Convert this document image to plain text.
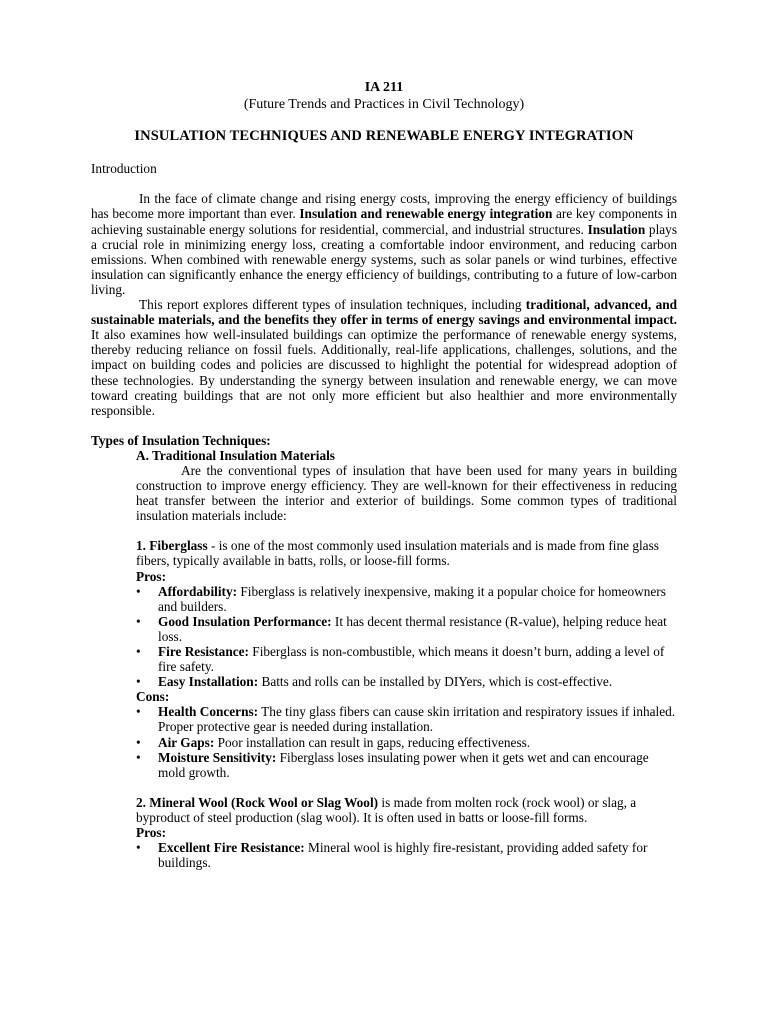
IA 211
(Future Trends and Practices in Civil Technology)
INSULATION TECHNIQUES AND RENEWABLE ENERGY INTEGRATION
Introduction

In the face of climate change and rising energy costs, improving the energy efficiency of buildings has become more important than ever. Insulation and renewable energy integration are key components in achieving sustainable energy solutions for residential, commercial, and industrial structures. Insulation plays a crucial role in minimizing energy loss, creating a comfortable indoor environment, and reducing carbon emissions. When combined with renewable energy systems, such as solar panels or wind turbines, effective insulation can significantly enhance the energy efficiency of buildings, contributing to a future of low-carbon living.

This report explores different types of insulation techniques, including traditional, advanced, and sustainable materials, and the benefits they offer in terms of energy savings and environmental impact. It also examines how well-insulated buildings can optimize the performance of renewable energy systems, thereby reducing reliance on fossil fuels. Additionally, real-life applications, challenges, solutions, and the impact on building codes and policies are discussed to highlight the potential for widespread adoption of these technologies. By understanding the synergy between insulation and renewable energy, we can move toward creating buildings that are not only more efficient but also healthier and more environmentally responsible.

Types of Insulation Techniques:
A. Traditional Insulation Materials

Are the conventional types of insulation that have been used for many years in building construction to improve energy efficiency. They are well-known for their effectiveness in reducing heat transfer between the interior and exterior of buildings. Some common types of traditional insulation materials include:

1. Fiberglass - is one of the most commonly used insulation materials and is made from fine glass fibers, typically available in batts, rolls, or loose-fill forms.

Pros:
• Affordability: Fiberglass is relatively inexpensive, making it a popular choice for homeowners and builders.
• Good Insulation Performance: It has decent thermal resistance (R-value), helping reduce heat loss.
• Fire Resistance: Fiberglass is non-combustible, which means it doesn’t burn, adding a level of fire safety.
• Easy Installation: Batts and rolls can be installed by DIYers, which is cost-effective.
Cons:
• Health Concerns: The tiny glass fibers can cause skin irritation and respiratory issues if inhaled. Proper protective gear is needed during installation.
• Air Gaps: Poor installation can result in gaps, reducing effectiveness.
• Moisture Sensitivity: Fiberglass loses insulating power when it gets wet and can encourage mold growth.

2. Mineral Wool (Rock Wool or Slag Wool) is made from molten rock (rock wool) or slag, a byproduct of steel production (slag wool). It is often used in batts or loose-fill forms.

Pros:
• Excellent Fire Resistance: Mineral wool is highly fire-resistant, providing added safety for buildings.
